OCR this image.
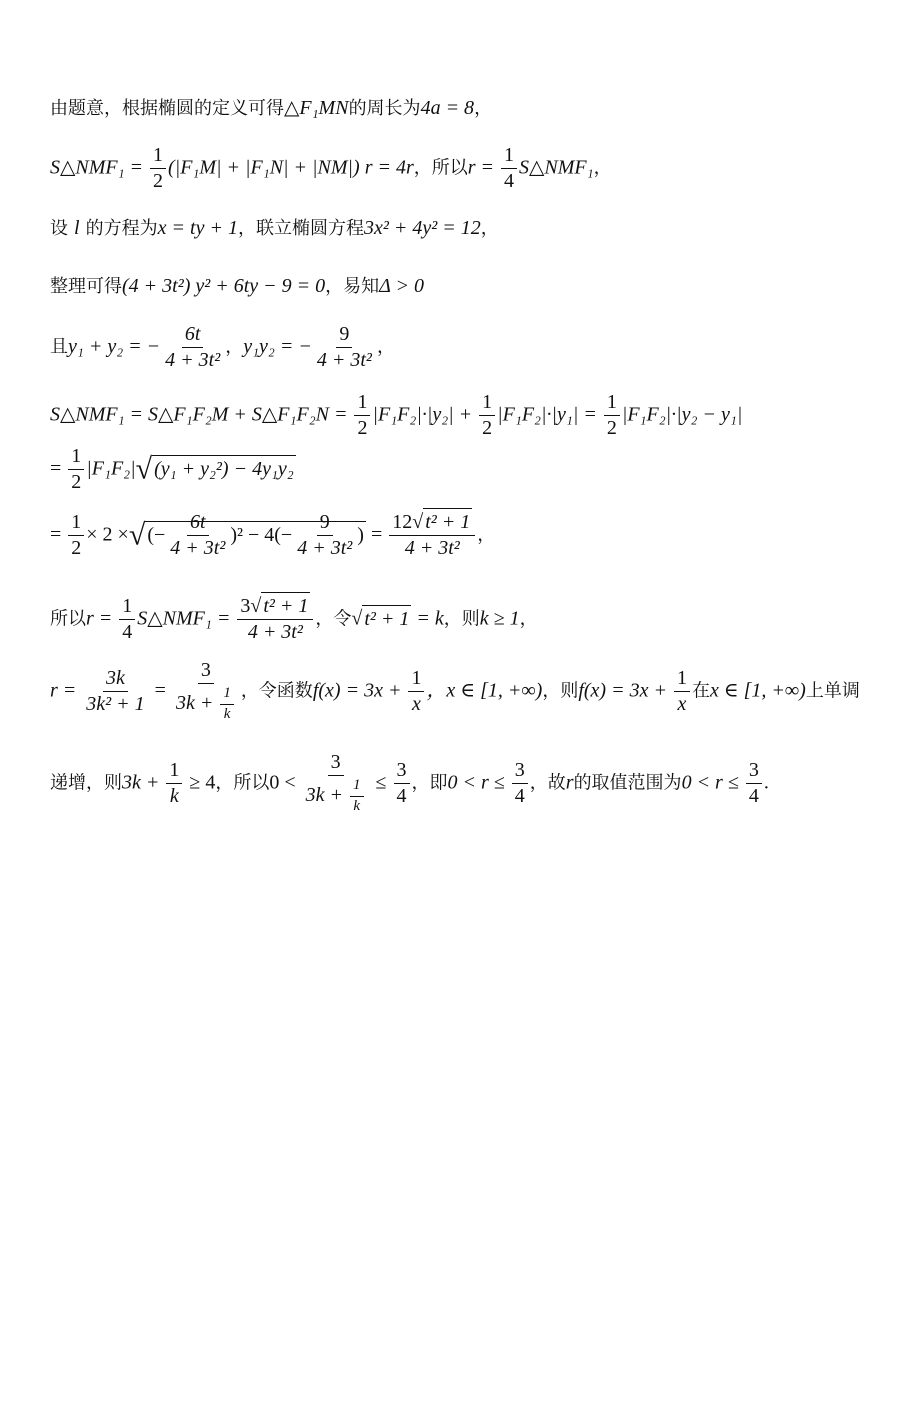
由题意，根据椭圆的定义可得△F₁MN的周长为4a = 8，
S△NMF₁ = $\frac{1}{2} (|F_1M| + |F_1N| + |NM|) r = 4r$，所以$r = \frac{1}{4}$ S△NMF₁，
设 l 的方程为x = ty + 1，联立椭圆方程3x² + 4y² = 12，
整理可得(4 + 3t²) y² + 6ty − 9 = 0，易知Δ > 0
且y₁ + y₂ = − $\frac{6t}{\text{4 + 3t²}}$ ，y₁y₂ = − $\frac{9}{\text{4 + 3t²}}$ ，
S△NMF₁ = S△F₁F₂M + S△F₁F₂N = $\frac{1}{2} |F_1F_2|\cdot|y_2| + \frac{1}{2} |F_1F_2|\cdot|y_1| = \frac{1}{2} |F_1F_2|\cdot|y_2 - y_1|$
= $\frac{1}{2} |F_1F_2|√$ (y₁ + y₂²) − 4y₁y₂
= $\frac{1}{2} \times 2$ ×√ (− $\frac{6t}{\text{4 + 3t²}} )^2 - 4(- \frac{9}{\text{4 + 3t²}}$ ) = $\frac{\text{12√ t² + 1}}{\text{4 + 3t²}}$ ，
所以$r = \frac{1}{4}$ S△NMF₁ = $\frac{\text{3√ t² + 1}}{\text{4 + 3t²}}$ ，令√ t² + 1 = k，则k ≥ 1，
$r = \frac{3k}{\text{3k² + 1}} = \frac{3}{3k + \frac{1}{k}}$ ，令函数$f(x) = 3x + \frac{1}{x}$ ，x ∈ [1, +∞)，则$f(x) = 3x + \frac{1}{x}$ 在x ∈ [1, +∞)上单调
递增，则$3k + \frac{1}{k} \ge 4$，所以$0 < \frac{3}{3k + \frac{1}{k}} \le \frac{3}{4}$ ，即$0 < r \le \frac{3}{4}$ ，故r的取值范围为$0 < r \le \frac{3}{4}$ .
